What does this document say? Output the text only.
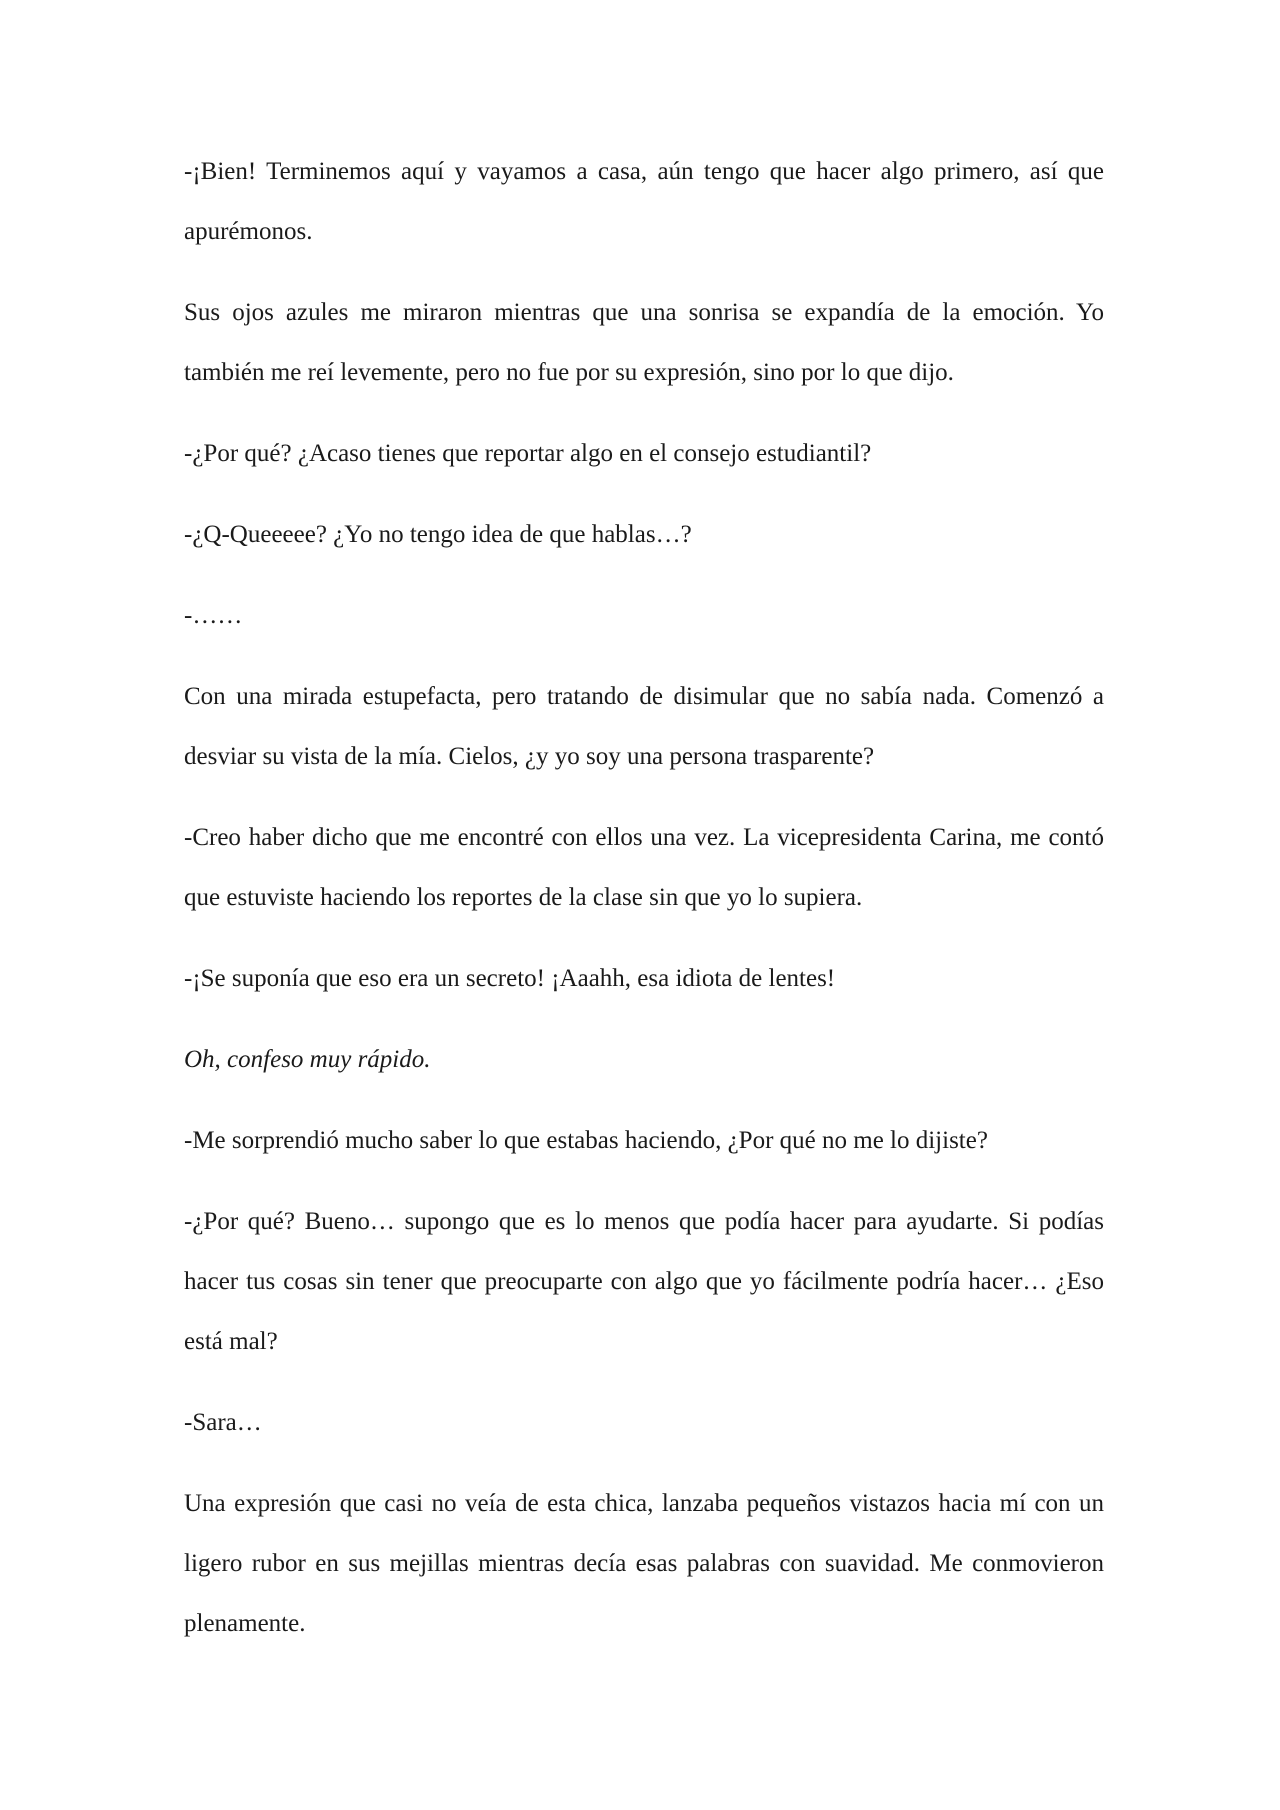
-¡Bien! Terminemos aquí y vayamos a casa, aún tengo que hacer algo primero, así que apurémonos.

Sus ojos azules me miraron mientras que una sonrisa se expandía de la emoción. Yo también me reí levemente, pero no fue por su expresión, sino por lo que dijo.

-¿Por qué? ¿Acaso tienes que reportar algo en el consejo estudiantil?

-¿Q-Queeeee? ¿Yo no tengo idea de que hablas…?

-……

Con una mirada estupefacta, pero tratando de disimular que no sabía nada. Comenzó a desviar su vista de la mía. Cielos, ¿y yo soy una persona trasparente?

-Creo haber dicho que me encontré con ellos una vez. La vicepresidenta Carina, me contó que estuviste haciendo los reportes de la clase sin que yo lo supiera.

-¡Se suponía que eso era un secreto! ¡Aaahh, esa idiota de lentes!

Oh, confeso muy rápido.

-Me sorprendió mucho saber lo que estabas haciendo, ¿Por qué no me lo dijiste?

-¿Por qué? Bueno… supongo que es lo menos que podía hacer para ayudarte. Si podías hacer tus cosas sin tener que preocuparte con algo que yo fácilmente podría hacer… ¿Eso está mal?

-Sara…

Una expresión que casi no veía de esta chica, lanzaba pequeños vistazos hacia mí con un ligero rubor en sus mejillas mientras decía esas palabras con suavidad. Me conmovieron plenamente.
